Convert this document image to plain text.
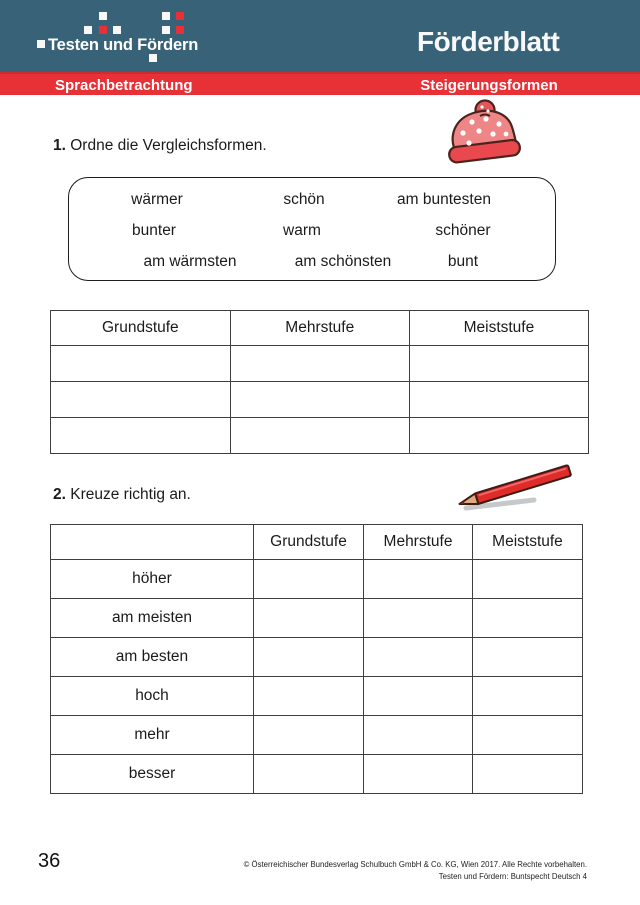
Testen und Fördern	Förderblatt
Sprachbetrachtung	Steigerungsformen
1. Ordne die Vergleichsformen.
wärmer	schön	am buntesten
bunter	warm	schöner
am wärmsten	am schönsten	bunt
Grundstufe	Mehrstufe	Meiststufe

2. Kreuze richtig an.
	Grundstufe	Mehrstufe	Meiststufe
höher			
am meisten			
am besten			
hoch			
mehr			
besser			
36	© Österreichischer Bundesverlag Schulbuch GmbH & Co. KG, Wien 2017. Alle Rechte vorbehalten.
Testen und Fördern: Buntspecht Deutsch 4
